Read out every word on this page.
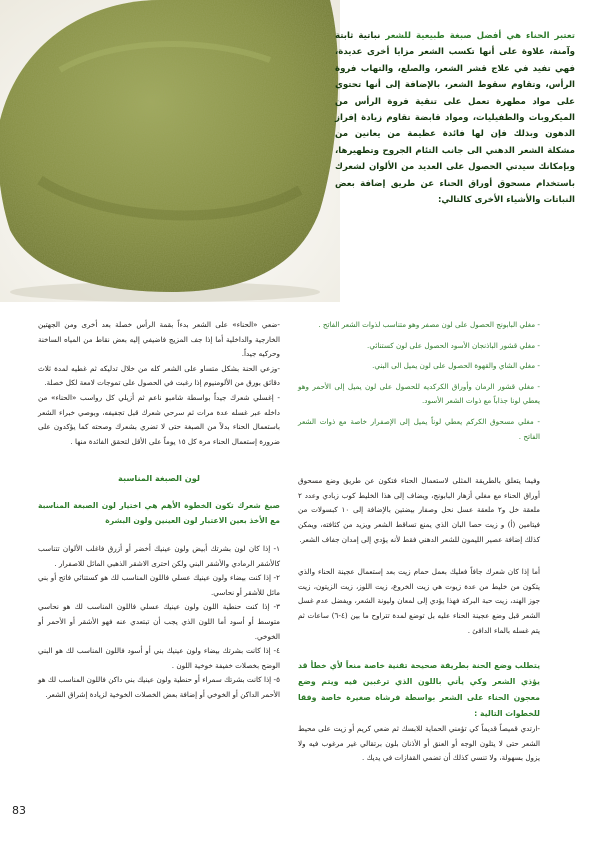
تعتبر الحناء هي أفضل صبغة طبيعية للشعر نباتية ثابتة وآمنة، علاوة على أنها تكسب الشعر مزايا أخرى عديدة، فهي تفيد في علاج قشر الشعر، والصلع، والتهاب فروة الرأس، وتقاوم سقوط الشعر، بالإضافة إلى أنها تحتوي على مواد مطهرة تعمل على تنقية فروة الرأس من الميكروبات والطفيليات، ومواد قابضة تقاوم زيادة إفراز الدهون وبذلك فإن لها فائدة عظيمة من يعانين من مشكلة الشعر الدهني الى جانب التئام الجروح وتطهيرها، وبإمكانك سيدتي الحصول على العديد من الألوان لشعرك باستخدام مسحوق أوراق الحناء عن طريق إضافة بعض النباتات والأشياء الأخرى كالتالي:
- مغلي البابونج الحصول على لون مصفر وهو متناسب لذوات الشعر الفاتح .
- مغلي قشور الباذنجان الأسود الحصول على لون كستنائي.
- مغلي الشاي والقهوة الحصول على لون يميل الى البني.
- مغلي قشور الرمان وأوراق الكركديه للحصول على لون يميل إلى الأحمر وهو يعطي لونا جذاباً مع ذوات الشعر الأسود.
- مغلي مسحوق الكركم يعطي لوناً يميل إلى الإصفرار خاصة مع ذوات الشعر الفاتح .
وفيما يتعلق بالطريقة المثلى لاستعمال الحناء فتكون عن طريق وضع مسحوق أوراق الحناء مع مغلي أزهار البابونج، ويضاف إلى هذا الخليط كوب زبادي وعدد ٢ ملعقة خل و٢ ملعقة عسل نحل وصفار بيضتين بالإضافة إلى ١٠ كبسولات من فيتامين (أ) و زيت حصا البان الذي يمنع تساقط الشعر ويزيد من كثافته، ويمكن كذلك إضافة عصير الليمون للشعر الدهني فقط لأنه يؤدي إلى إمدان جفاف الشعر.
أما إذا كان شعرك جافاً فعليك بعمل حمام زيت بعد إستعمال عجينة الحناء والذي يتكون من خليط من عدة زيوت هي زيت الخروع، زيت اللوز، زيت الزيتون، زيت جوز الهند، زيت حبة البركة فهذا يؤدي إلى لمعان وليونة الشعر، ويفضل عدم غسل الشعر قبل وضع عجينة الحناء عليه بل توضع لمدة تتراوح ما بين (٤-٦) ساعات ثم يتم غسله بالماء الدافئ .
يتطلب وضع الحنة بطريقة صحيحة تقنية خاصة منعاً لأي خطأ قد يؤذي الشعر وكي يأتي باللون الذي ترغبين فيه ويتم وضع معجون الحناء على الشعر بواسطة فرشاة صغيرة خاصة وفقا للخطوات التالية :
-ارتدي قميصاً قديماً كي تؤمني الحماية للابسك ثم ضعي كريم أو زيت على محيط الشعر حتى لا يتلون الوجه أو العنق أو الأذنان بلون برتقالي غير مرغوب فيه ولا يزول بسهولة، ولا تنسي كذلك أن تضمي القفازات في يديك .
-ضعي «الحناء» على الشعر بدءاً بقمة الرأس خصلة بعد أخرى ومن الجهتين الخارجية والداخلية أما إذا جف المزيج فاضيفي إليه بعض نقاط من المياه الساخنة وحركيه جيداً.
-وزعي الحنة بشكل متساو على الشعر كله من خلال تدليكه ثم غطيه لمدة ثلاث دقائق بورق من الألومنيوم إذا رغبت في الحصول على تموجات لامعة لكل خصلة.
- إغسلي شعرك جيداً بواسطة شامبو ناعم ثم أزيلي كل رواسب «الحناء» من داخله عبر غسله عدة مرات ثم سرحي شعرك قبل تجفيفه، وبوصي خبراء الشعر باستعمال الحناء بدلاً من الصبغة حتى لا تضري بشعرك وصحته كما يؤكدون على ضرورة إستعمال الحناء مرة كل ١٥ يوماً على الأقل لتحقق الفائدة منها .
لون الصبغة المناسبة
صبغ شعرك تكون الخطوة الأهم هي اختيار لون الصبغة المناسبة مع الأخذ بعين الاعتبار لون العينين ولون البشرة
١- إذا كان لون بشرتك أبيض ولون عينيك أخضر أو أزرق فاغلب الألوان تتناسب كالأشقر الرمادي والأشقر البني ولكن احترى الاشقر الذهبي المائل للاصفرار .
٢- إذا كنت بيضاء ولون عينيك عسلي فاللون المناسب لك هو كستنائي فاتح أو بني مائل للأشقر أو نحاسي.
٣- إذا كنت حنطية اللون ولون عينيك عسلي فاللون المناسب لك هو نحاسي متوسط أو أسود أما اللون الذي يجب أن تبتعدي عنه فهو الأشقر أو الأحمر أو الخوخي.
٤- إذا كانت بشرتك بيضاء ولون عينيك بني أو أسود فاللون المناسب لك هو البني الوضح بخصلات خفيفة خوخية اللون .
٥- إذا كانت بشرتك سمراء أو حنطية ولون عينيك بني داكن فاللون المناسب لك هو الأحمر الداكن أو الخوخي أو إضافة بعض الخصلات الخوخية لزيادة إشراق الشعر.
83
